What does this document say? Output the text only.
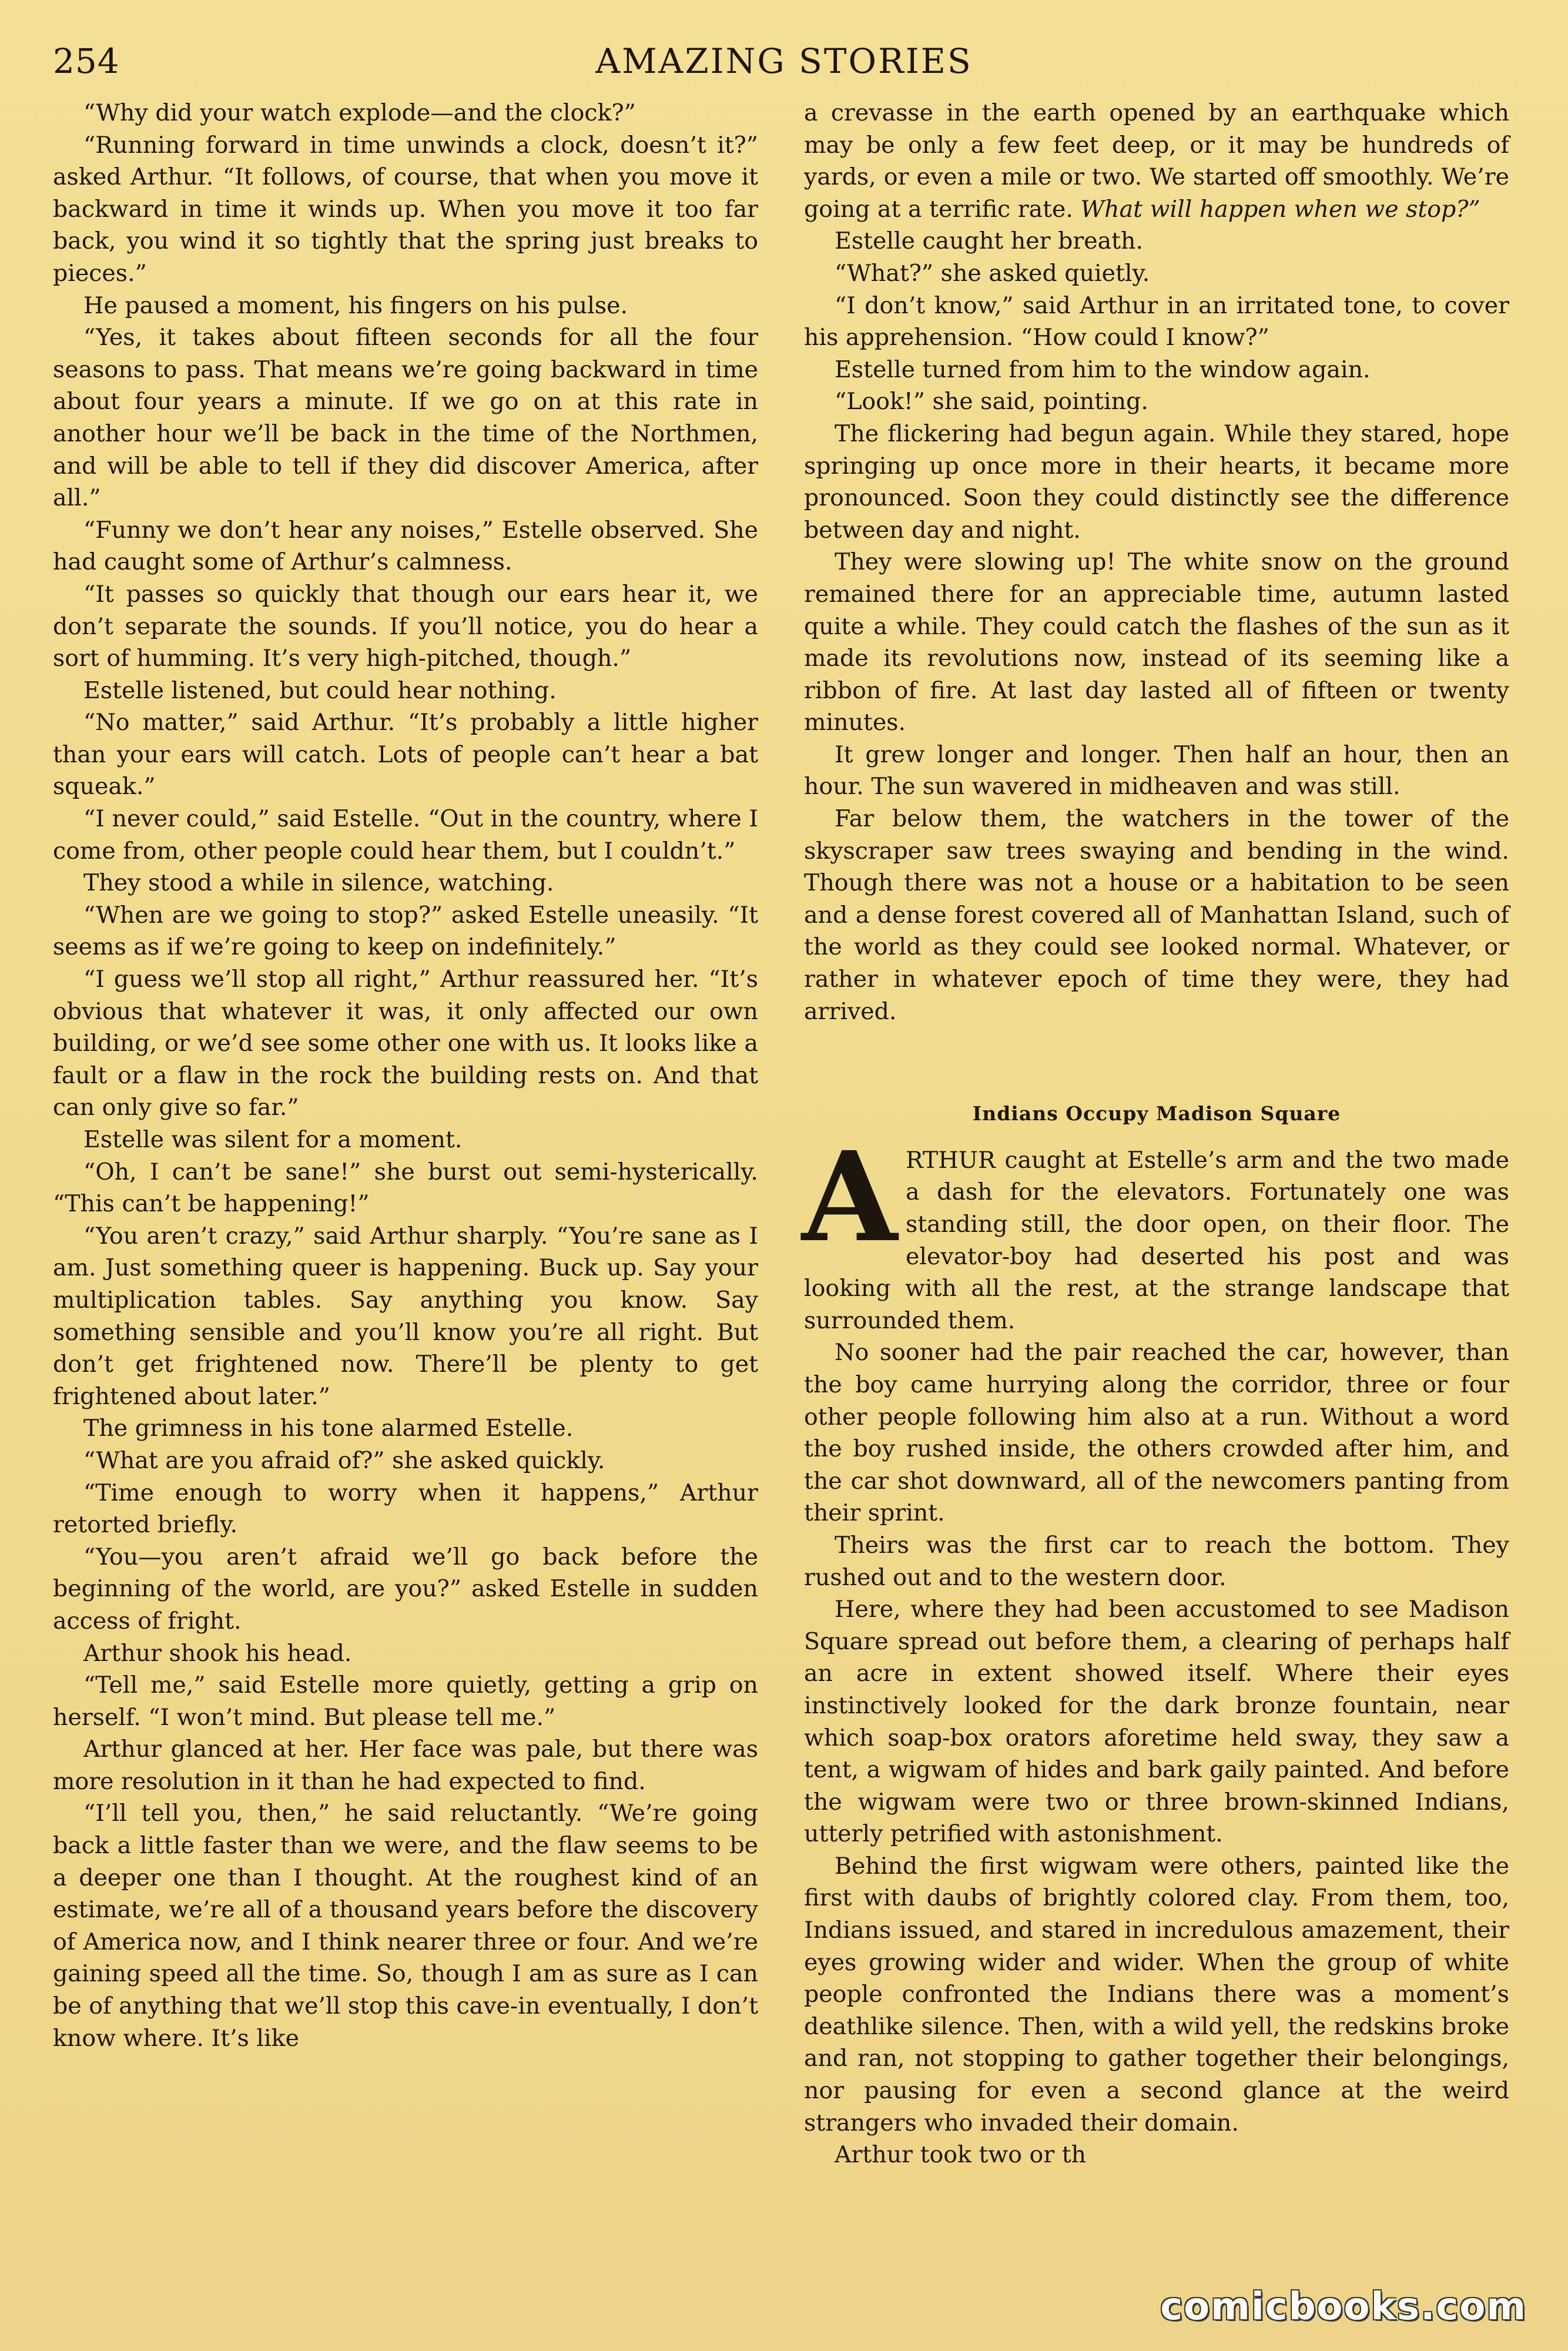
254	AMAZING STORIES

“Why did your watch explode—and the clock?”

“Running forward in time unwinds a clock, doesn’t it?” asked Arthur. “It follows, of course, that when you move it backward in time it winds up. When you move it too far back, you wind it so tightly that the spring just breaks to pieces.”

He paused a moment, his fingers on his pulse.

“Yes, it takes about fifteen seconds for all the four seasons to pass. That means we’re going backward in time about four years a minute. If we go on at this rate in another hour we’ll be back in the time of the Northmen, and will be able to tell if they did discover America, after all.”

“Funny we don’t hear any noises,” Estelle observed. She had caught some of Arthur’s calmness.

“It passes so quickly that though our ears hear it, we don’t separate the sounds. If you’ll notice, you do hear a sort of humming. It’s very high-pitched, though.”

Estelle listened, but could hear nothing.

“No matter,” said Arthur. “It’s probably a little higher than your ears will catch. Lots of people can’t hear a bat squeak.”

“I never could,” said Estelle. “Out in the country, where I come from, other people could hear them, but I couldn’t.”

They stood a while in silence, watching.

“When are we going to stop?” asked Estelle uneasily. “It seems as if we’re going to keep on indefinitely.”

“I guess we’ll stop all right,” Arthur reassured her. “It’s obvious that whatever it was, it only affected our own building, or we’d see some other one with us. It looks like a fault or a flaw in the rock the building rests on. And that can only give so far.”

Estelle was silent for a moment.

“Oh, I can’t be sane!” she burst out semi-hysterically. “This can’t be happening!”

“You aren’t crazy,” said Arthur sharply. “You’re sane as I am. Just something queer is happening. Buck up. Say your multiplication tables. Say anything you know. Say something sensible and you’ll know you’re all right. But don’t get frightened now. There’ll be plenty to get frightened about later.”

The grimness in his tone alarmed Estelle.

“What are you afraid of?” she asked quickly.

“Time enough to worry when it happens,” Arthur retorted briefly.

“You—you aren’t afraid we’ll go back before the beginning of the world, are you?” asked Estelle in sudden access of fright.

Arthur shook his head.

“Tell me,” said Estelle more quietly, getting a grip on herself. “I won’t mind. But please tell me.”

Arthur glanced at her. Her face was pale, but there was more resolution in it than he had expected to find.

“I’ll tell you, then,” he said reluctantly. “We’re going back a little faster than we were, and the flaw seems to be a deeper one than I thought. At the roughest kind of an estimate, we’re all of a thousand years before the discovery of America now, and I think nearer three or four. And we’re gaining speed all the time. So, though I am as sure as I can be of anything that we’ll stop this cave-in eventually, I don’t know where. It’s like

a crevasse in the earth opened by an earthquake which may be only a few feet deep, or it may be hundreds of yards, or even a mile or two. We started off smoothly. We’re going at a terrific rate. What will happen when we stop?”

Estelle caught her breath.

“What?” she asked quietly.

“I don’t know,” said Arthur in an irritated tone, to cover his apprehension. “How could I know?”

Estelle turned from him to the window again.

“Look!” she said, pointing.

The flickering had begun again. While they stared, hope springing up once more in their hearts, it became more pronounced. Soon they could distinctly see the difference between day and night.

They were slowing up! The white snow on the ground remained there for an appreciable time, autumn lasted quite a while. They could catch the flashes of the sun as it made its revolutions now, instead of its seeming like a ribbon of fire. At last day lasted all of fifteen or twenty minutes.

It grew longer and longer. Then half an hour, then an hour. The sun wavered in midheaven and was still.

Far below them, the watchers in the tower of the skyscraper saw trees swaying and bending in the wind. Though there was not a house or a habitation to be seen and a dense forest covered all of Manhattan Island, such of the world as they could see looked normal. Whatever, or rather in whatever epoch of time they were, they had arrived.

Indians Occupy Madison Square

ARTHUR caught at Estelle’s arm and the two made a dash for the elevators. Fortunately one was standing still, the door open, on their floor. The elevator-boy had deserted his post and was looking with all the rest, at the strange landscape that surrounded them.

No sooner had the pair reached the car, however, than the boy came hurrying along the corridor, three or four other people following him also at a run. Without a word the boy rushed inside, the others crowded after him, and the car shot downward, all of the newcomers panting from their sprint.

Theirs was the first car to reach the bottom. They rushed out and to the western door.

Here, where they had been accustomed to see Madison Square spread out before them, a clearing of perhaps half an acre in extent showed itself. Where their eyes instinctively looked for the dark bronze fountain, near which soap-box orators aforetime held sway, they saw a tent, a wigwam of hides and bark gaily painted. And before the wigwam were two or three brown-skinned Indians, utterly petrified with astonishment.

Behind the first wigwam were others, painted like the first with daubs of brightly colored clay. From them, too, Indians issued, and stared in incredulous amazement, their eyes growing wider and wider. When the group of white people confronted the Indians there was a moment’s deathlike silence. Then, with a wild yell, the redskins broke and ran, not stopping to gather together their belongings, nor pausing for even a second glance at the weird strangers who invaded their domain.

Arthur took two or th

comicbooks.com
